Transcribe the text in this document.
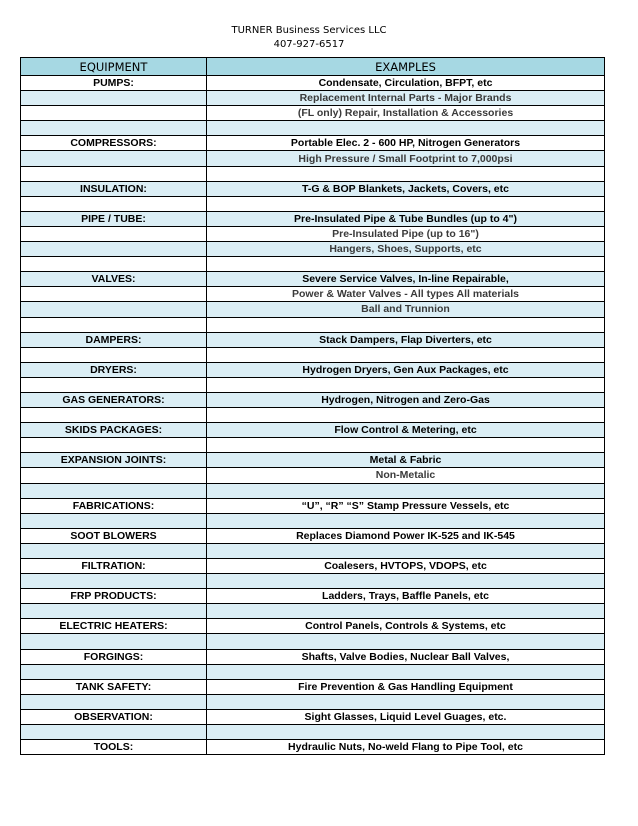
TURNER Business Services LLC
407-927-6517
EQUIPMENT	EXAMPLES
PUMPS:	Condensate, Circulation, BFPT, etc
	Replacement Internal Parts - Major Brands
	(FL only) Repair, Installation & Accessories

COMPRESSORS:	Portable Elec. 2 - 600 HP, Nitrogen Generators
	High Pressure / Small Footprint to 7,000psi

INSULATION:	T-G & BOP Blankets, Jackets, Covers, etc

PIPE / TUBE:	Pre-Insulated Pipe & Tube Bundles (up to 4")
	Pre-Insulated Pipe (up to 16")
	Hangers, Shoes, Supports, etc

VALVES:	Severe Service Valves, In-line Repairable,
	Power & Water Valves - All types All materials
	Ball and Trunnion

DAMPERS:	Stack Dampers, Flap Diverters, etc

DRYERS:	Hydrogen Dryers, Gen Aux Packages, etc

GAS GENERATORS:	Hydrogen, Nitrogen and Zero-Gas

SKIDS PACKAGES:	Flow Control & Metering, etc

EXPANSION JOINTS:	Metal & Fabric
	Non-Metalic

FABRICATIONS:	“U”, “R” “S” Stamp Pressure Vessels, etc

SOOT BLOWERS	Replaces Diamond Power IK-525 and IK-545

FILTRATION:	Coalesers, HVTOPS, VDOPS, etc

FRP PRODUCTS:	Ladders, Trays, Baffle Panels, etc

ELECTRIC HEATERS:	Control Panels, Controls & Systems, etc

FORGINGS:	Shafts, Valve Bodies, Nuclear Ball Valves,

TANK SAFETY:	Fire Prevention & Gas Handling Equipment

OBSERVATION:	Sight Glasses, Liquid Level Guages, etc.

TOOLS:	Hydraulic Nuts, No-weld Flang to Pipe Tool, etc
